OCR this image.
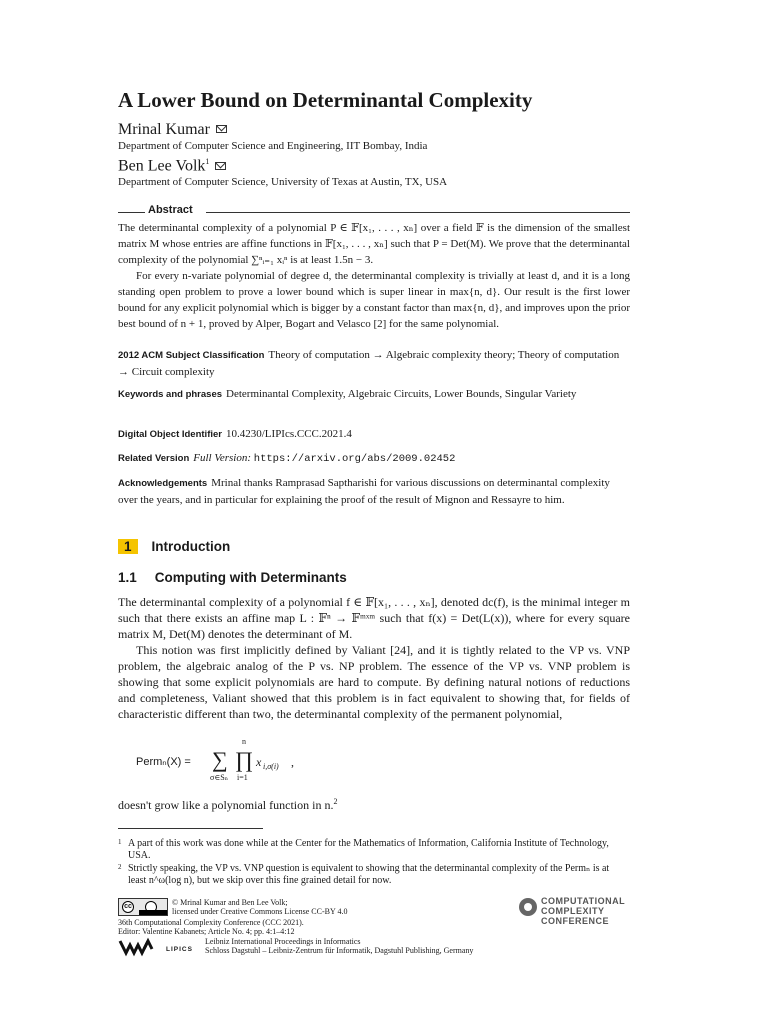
A Lower Bound on Determinantal Complexity
Mrinal Kumar
Department of Computer Science and Engineering, IIT Bombay, India
Ben Lee Volk$^1$
Department of Computer Science, University of Texas at Austin, TX, USA
Abstract

The determinantal complexity of a polynomial P ∈ 𝔽[x₁, . . . , xₙ] over a field 𝔽 is the dimension of the smallest matrix M whose entries are affine functions in 𝔽[x₁, . . . , xₙ] such that P = Det(M). We prove that the determinantal complexity of the polynomial ∑ⁿᵢ₌₁ xᵢⁿ is at least 1.5n − 3.

For every n-variate polynomial of degree d, the determinantal complexity is trivially at least d, and it is a long standing open problem to prove a lower bound which is super linear in max{n, d}. Our result is the first lower bound for any explicit polynomial which is bigger by a constant factor than max{n, d}, and improves upon the prior best bound of n + 1, proved by Alper, Bogart and Velasco [2] for the same polynomial.

2012 ACM Subject Classification Theory of computation → Algebraic complexity theory; Theory of computation → Circuit complexity
Keywords and phrases Determinantal Complexity, Algebraic Circuits, Lower Bounds, Singular Variety
Digital Object Identifier 10.4230/LIPIcs.CCC.2021.4
Related Version Full Version: https://arxiv.org/abs/2009.02452
Acknowledgements Mrinal thanks Ramprasad Saptharishi for various discussions on determinantal complexity over the years, and in particular for explaining the proof of the result of Mignon and Ressayre to him.
1 Introduction
1.1 Computing with Determinants

The determinantal complexity of a polynomial f ∈ 𝔽[x₁, . . . , xₙ], denoted dc(f), is the minimal integer m such that there exists an affine map L : 𝔽ⁿ → 𝔽ᵐˣᵐ such that f(x) = Det(L(x)), where for every square matrix M, Det(M) denotes the determinant of M.

This notion was first implicitly defined by Valiant [24], and it is tightly related to the VP vs. VNP problem, the algebraic analog of the P vs. NP problem. The essence of the VP vs. VNP problem is showing that some explicit polynomials are hard to compute. By defining natural notions of reductions and completeness, Valiant showed that this problem is in fact equivalent to showing that, for fields of characteristic different than two, the determinantal complexity of the permanent polynomial,

Permₙ(X) = ∑
σ∈Sₙ
n
∏
i=1
x i,σ(i) ,
doesn't grow like a polynomial function in n.$^2$
1 A part of this work was done while at the Center for the Mathematics of Information, California Institute of Technology, USA.
2 Strictly speaking, the VP vs. VNP question is equivalent to showing that the determinantal complexity of the Permₙ is at least n^ω(log n), but we skip over this fine grained detail for now.
cc	© Mrinal Kumar and Ben Lee Volk;
licensed under Creative Commons License CC-BY 4.0
36th Computational Complexity Conference (CCC 2021).
Editor: Valentine Kabanets; Article No. 4; pp. 4:1–4:12
LIPICS
Leibniz International Proceedings in Informatics
Schloss Dagstuhl – Leibniz-Zentrum für Informatik, Dagstuhl Publishing, Germany
COMPUTATIONAL
COMPLEXITY
CONFERENCE
